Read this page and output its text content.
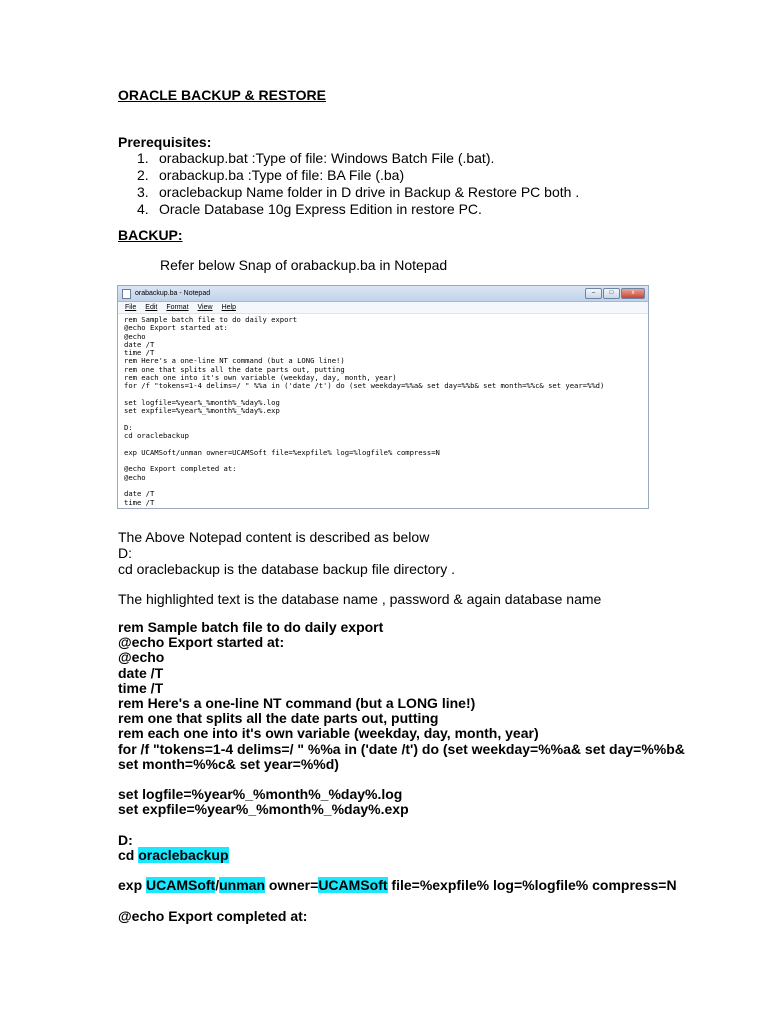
ORACLE BACKUP & RESTORE
Prerequisites:
1. orabackup.bat :Type of file: Windows Batch File (.bat).
2. orabackup.ba :Type of file: BA File (.ba)
3. oraclebackup Name folder in D drive in Backup & Restore PC both .
4. Oracle Database 10g Express Edition in restore PC.
BACKUP:
Refer below Snap of orabackup.ba in Notepad
orabackup.ba - Notepad	–	□	x
File Edit Format View Help
rem Sample batch file to do daily export
@echo Export started at:
@echo
date /T
time /T
rem Here's a one-line NT command (but a LONG line!)
rem one that splits all the date parts out, putting
rem each one into it's own variable (weekday, day, month, year)
for /f "tokens=1-4 delims=/ " %%a in ('date /t') do (set weekday=%%a& set day=%%b& set month=%%c& set year=%%d)

set logfile=%year%_%month%_%day%.log
set expfile=%year%_%month%_%day%.exp

D:
cd oraclebackup

exp UCAMSoft/unman owner=UCAMSoft file=%expfile% log=%logfile% compress=N

@echo Export completed at:
@echo

date /T
time /T
The Above Notepad content is described as below
D:
cd oraclebackup is the database backup file directory .
The highlighted text is the database name , password & again database name
rem Sample batch file to do daily export
@echo Export started at:
@echo
date /T
time /T
rem Here's a one-line NT command (but a LONG line!)
rem one that splits all the date parts out, putting
rem each one into it's own variable (weekday, day, month, year)
for /f "tokens=1-4 delims=/ " %%a in ('date /t') do (set weekday=%%a& set day=%%b&
set month=%%c& set year=%%d)

set logfile=%year%_%month%_%day%.log
set expfile=%year%_%month%_%day%.exp

D:
cd oraclebackup

exp UCAMSoft/unman owner=UCAMSoft file=%expfile% log=%logfile% compress=N

@echo Export completed at:
